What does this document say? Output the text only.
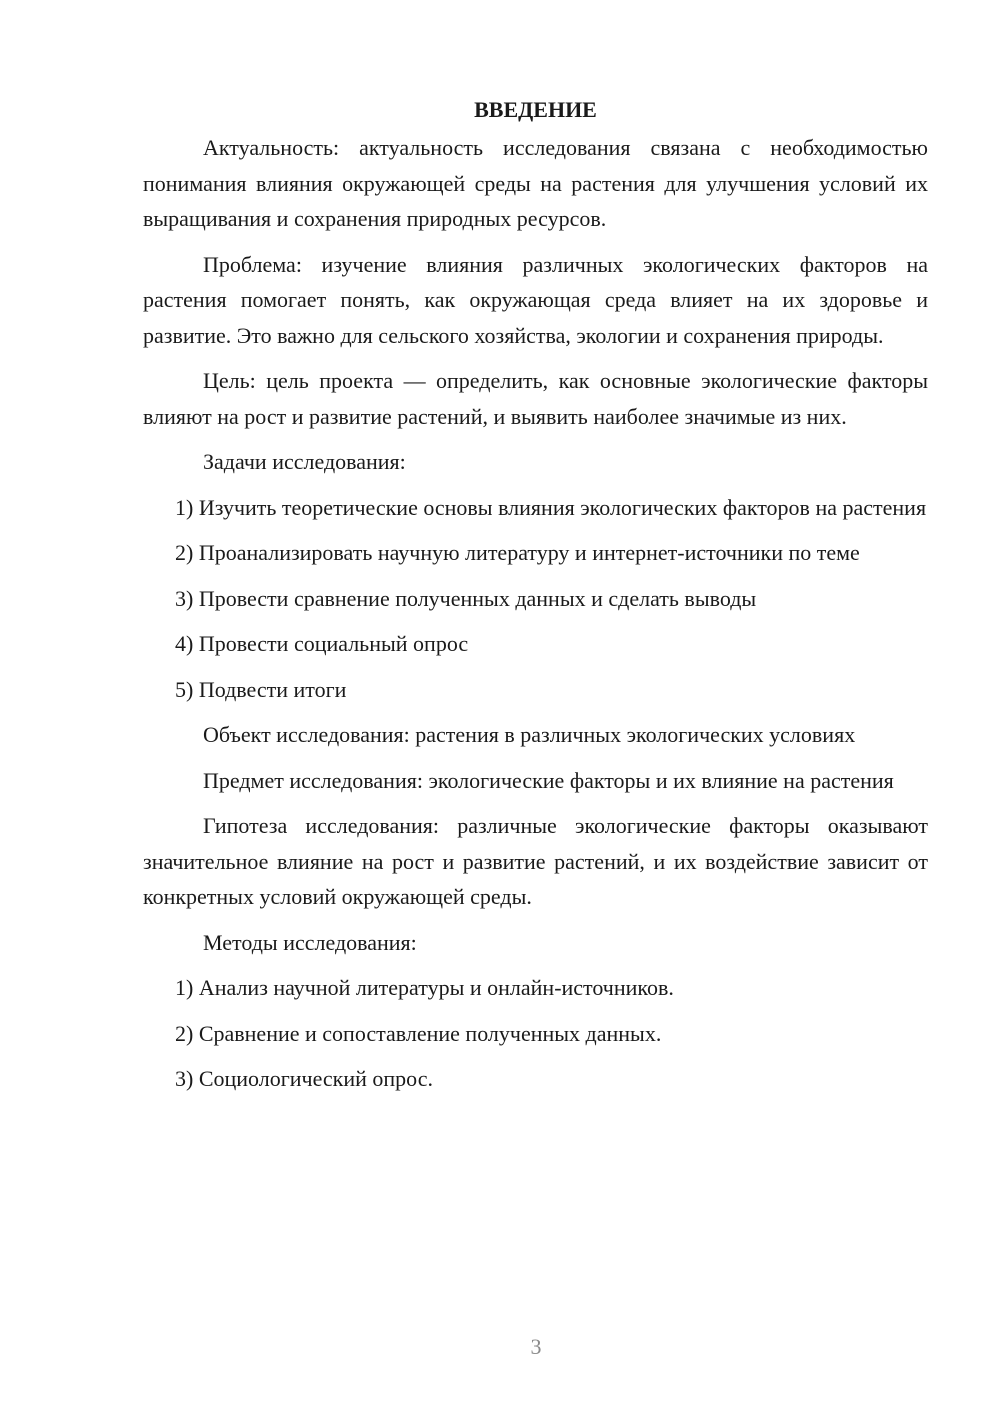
ВВЕДЕНИЕ

Актуальность: актуальность исследования связана с необходимостью понимания влияния окружающей среды на растения для улучшения условий их выращивания и сохранения природных ресурсов.

Проблема: изучение влияния различных экологических факторов на растения помогает понять, как окружающая среда влияет на их здоровье и развитие. Это важно для сельского хозяйства, экологии и сохранения природы.

Цель: цель проекта — определить, как основные экологические факторы влияют на рост и развитие растений, и выявить наиболее значимые из них.

Задачи исследования:

1) Изучить теоретические основы влияния экологических факторов на растения

2) Проанализировать научную литературу и интернет-источники по теме

3) Провести сравнение полученных данных и сделать выводы

4) Провести социальный опрос

5) Подвести итоги

Объект исследования: растения в различных экологических условиях

Предмет исследования: экологические факторы и их влияние на растения

Гипотеза исследования: различные экологические факторы оказывают значительное влияние на рост и развитие растений, и их воздействие зависит от конкретных условий окружающей среды.

Методы исследования:

1) Анализ научной литературы и онлайн-источников.

2) Сравнение и сопоставление полученных данных.

3) Социологический опрос.

3
